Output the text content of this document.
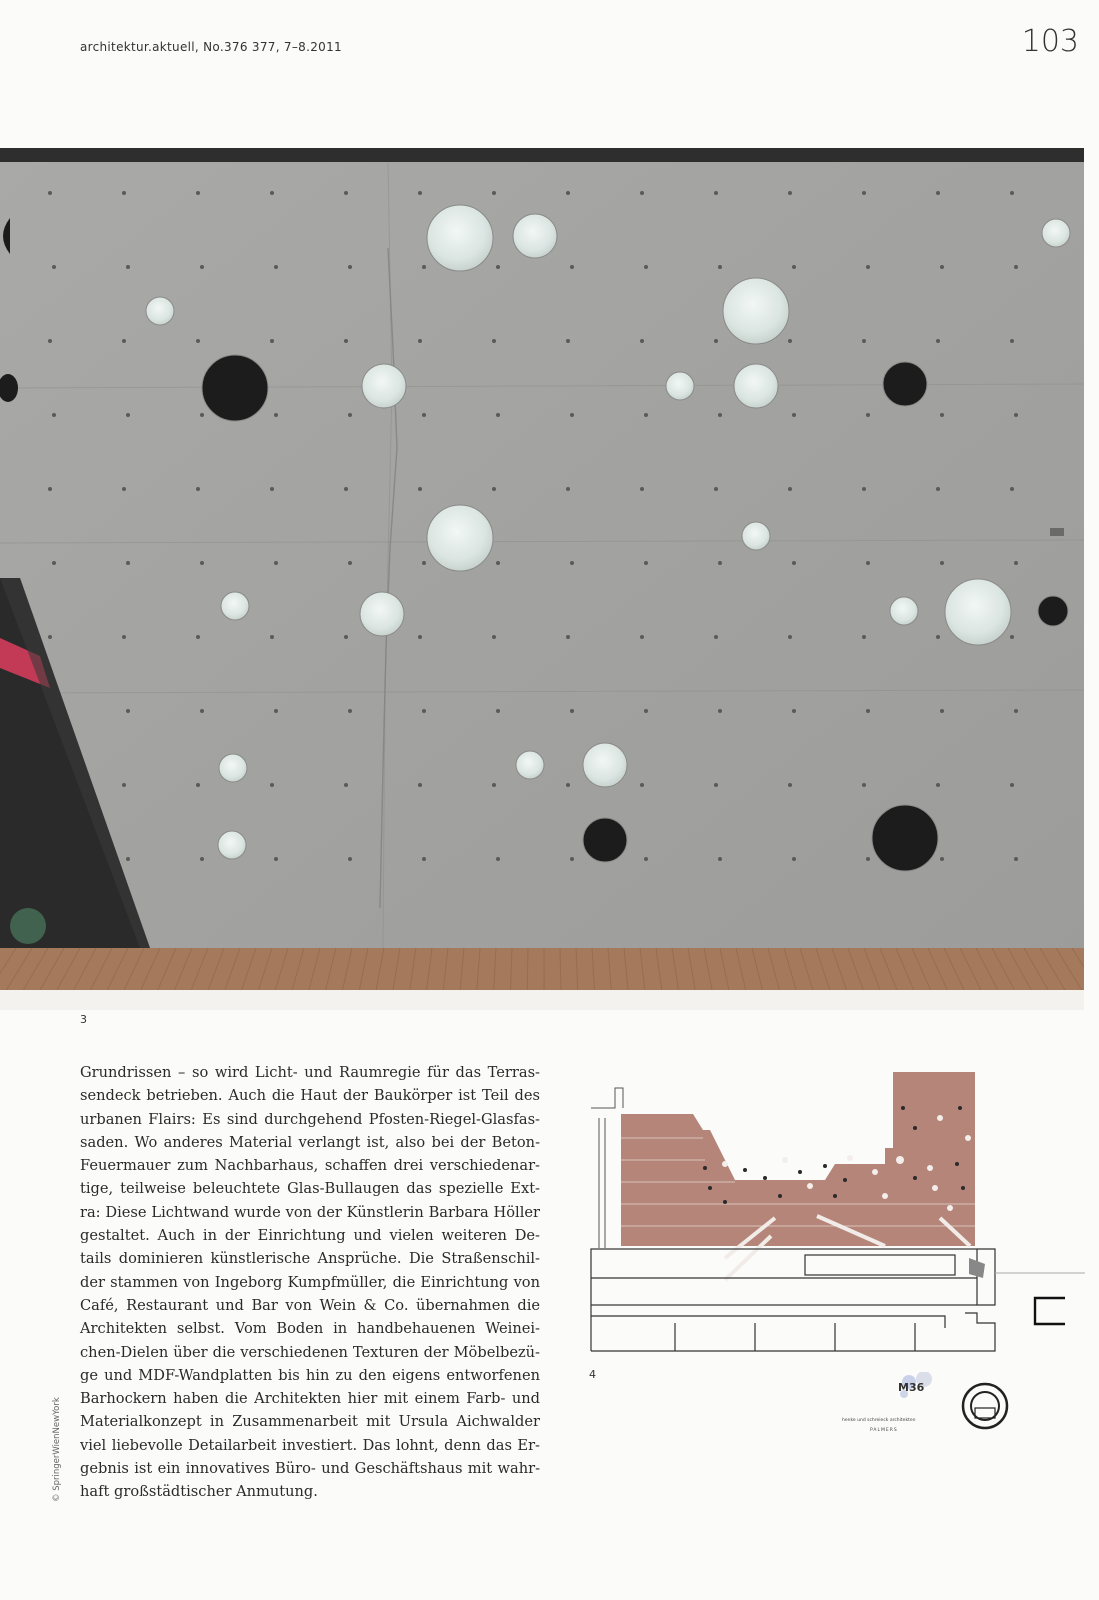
architektur.aktuell, No.376 377, 7–8.2011	103
3
Grundrissen – so wird Licht- und Raumregie für das Terras-
sendeck betrieben. Auch die Haut der Baukörper ist Teil des
urbanen Flairs: Es sind durchgehend Pfosten-Riegel-Glasfas-
saden. Wo anderes Material verlangt ist, also bei der Beton-
Feuermauer zum Nachbarhaus, schaffen drei verschiedenar-
tige, teilweise beleuchtete Glas-Bullaugen das spezielle Ext-
ra: Diese Lichtwand wurde von der Künstlerin Barbara Höller
gestaltet. Auch in der Einrichtung und vielen weiteren De-
tails dominieren künstlerische Ansprüche. Die Straßenschil-
der stammen von Ingeborg Kumpfmüller, die Einrichtung von
Café, Restaurant und Bar von Wein & Co. übernahmen die
Architekten selbst. Vom Boden in handbehauenen Weinei-
chen-Dielen über die verschiedenen Texturen der Möbelbezü-
ge und MDF-Wandplatten bis hin zu den eigens entworfenen
Barhockern haben die Architekten hier mit einem Farb- und
Materialkonzept in Zusammenarbeit mit Ursula Aichwalder
viel liebevolle Detailarbeit investiert. Das lohnt, denn das Er-
gebnis ist ein innovatives Büro- und Geschäftshaus mit wahr-
haft großstädtischer Anmutung.
© SpringerWienNewYork
4
M36
henke und schreieck architekten
PALMERS
